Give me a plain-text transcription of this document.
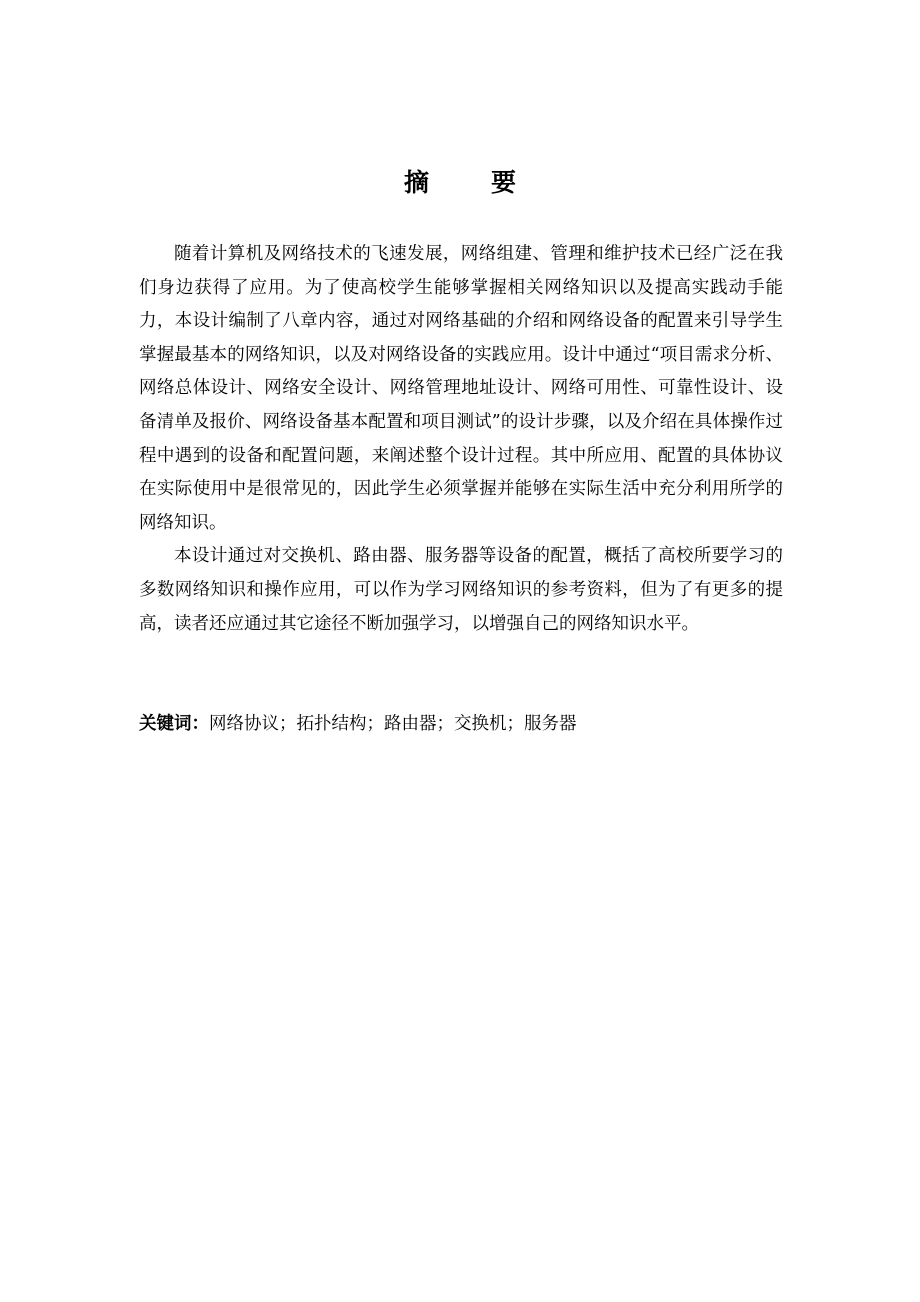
摘 要

随着计算机及网络技术的飞速发展，网络组建、管理和维护技术已经广泛在我们身边获得了应用。为了使高校学生能够掌握相关网络知识以及提高实践动手能力，本设计编制了八章内容，通过对网络基础的介绍和网络设备的配置来引导学生掌握最基本的网络知识，以及对网络设备的实践应用。设计中通过“项目需求分析、网络总体设计、网络安全设计、网络管理地址设计、网络可用性、可靠性设计、设备清单及报价、网络设备基本配置和项目测试”的设计步骤，以及介绍在具体操作过程中遇到的设备和配置问题，来阐述整个设计过程。其中所应用、配置的具体协议在实际使用中是很常见的，因此学生必须掌握并能够在实际生活中充分利用所学的网络知识。

本设计通过对交换机、路由器、服务器等设备的配置，概括了高校所要学习的多数网络知识和操作应用，可以作为学习网络知识的参考资料，但为了有更多的提高，读者还应通过其它途径不断加强学习，以增强自己的网络知识水平。

关键词：网络协议；拓扑结构；路由器；交换机；服务器
